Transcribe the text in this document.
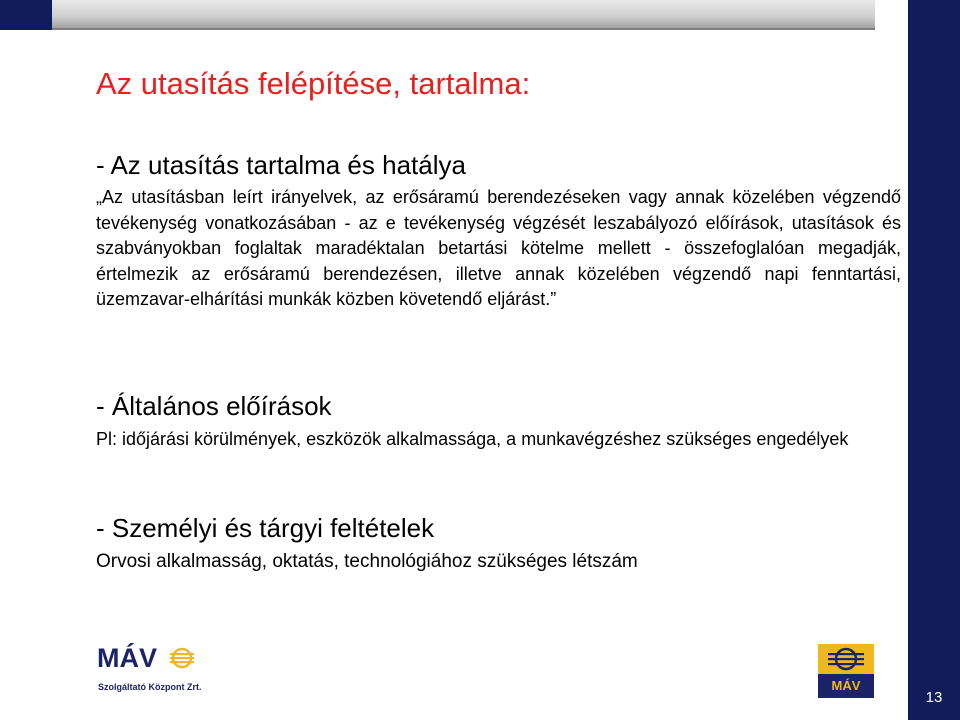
13
Az utasítás felépítése, tartalma:
- Az utasítás tartalma és hatálya

„Az utasításban leírt irányelvek, az erősáramú berendezéseken vagy annak közelében végzendő tevékenység vonatkozásában - az e tevékenység végzését leszabályozó előírások, utasítások és szabványokban foglaltak maradéktalan betartási kötelme mellett - összefoglalóan megadják, értelmezik az erősáramú berendezésen, illetve annak közelében végzendő napi fenntartási, üzemzavar-elhárítási munkák közben követendő eljárást.”

- Általános előírások

Pl: időjárási körülmények, eszközök alkalmassága, a munkavégzéshez szükséges engedélyek

- Személyi és tárgyi feltételek

Orvosi alkalmasság, oktatás, technológiához szükséges létszám

MÁV
Szolgáltató Központ Zrt.	MÁV
